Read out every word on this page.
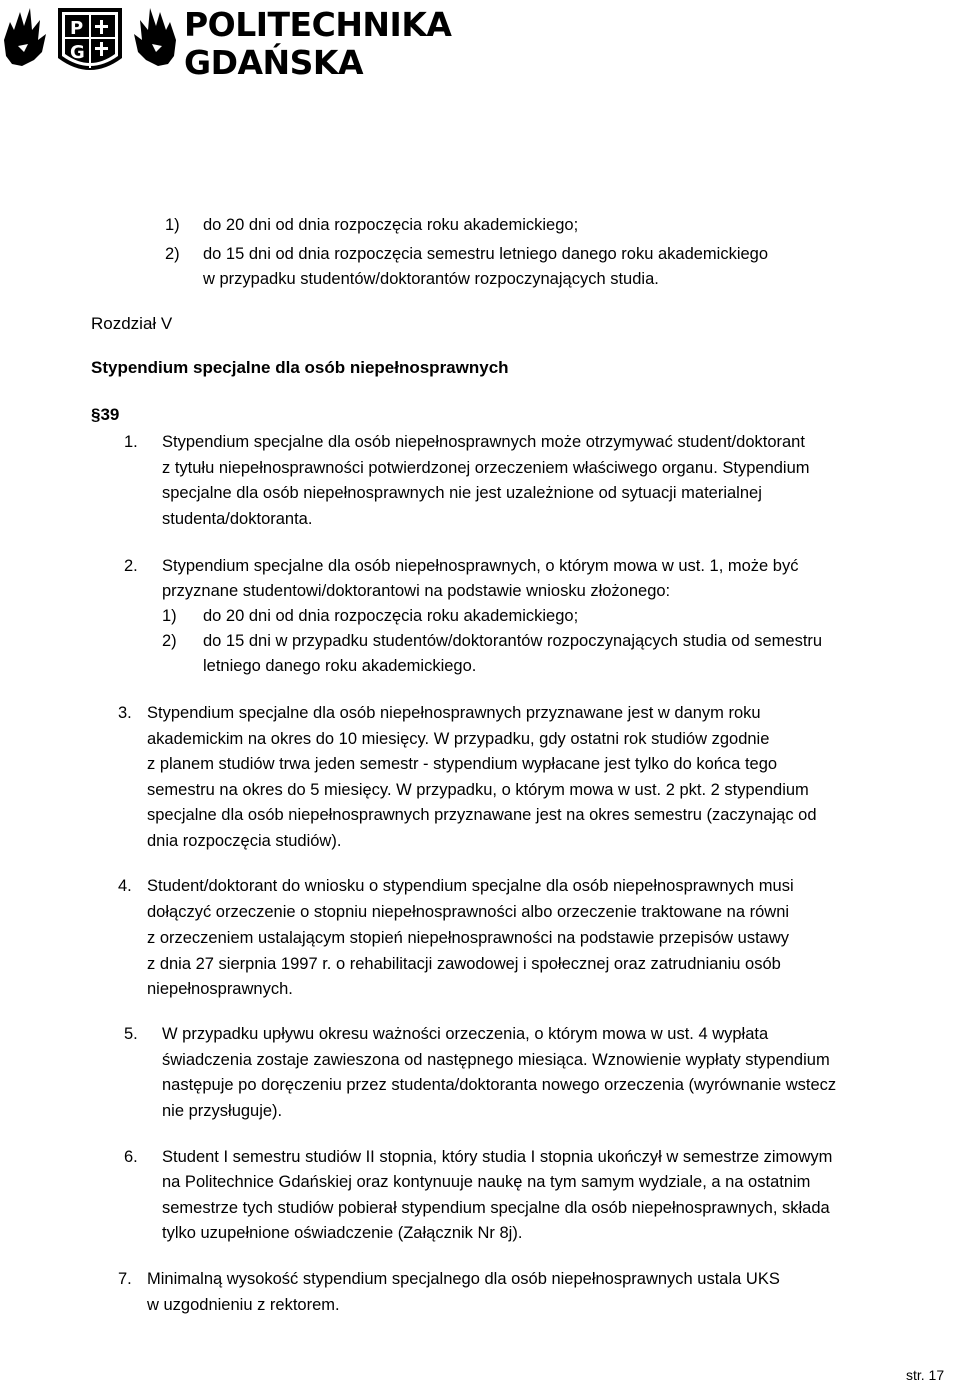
P
G
POLITECHNIKA
GDAŃSKA
1) do 20 dni od dnia rozpoczęcia roku akademickiego;
2) do 15 dni od dnia rozpoczęcia semestru letniego danego roku akademickiego
w przypadku studentów/doktorantów rozpoczynających studia.
Rozdział V
Stypendium specjalne dla osób niepełnosprawnych
§39
1. Stypendium specjalne dla osób niepełnosprawnych może otrzymywać student/doktorant
z tytułu niepełnosprawności potwierdzonej orzeczeniem właściwego organu. Stypendium
specjalne dla osób niepełnosprawnych nie jest uzależnione od sytuacji materialnej
studenta/doktoranta.
2. Stypendium specjalne dla osób niepełnosprawnych, o którym mowa w ust. 1, może być
przyznane studentowi/doktorantowi na podstawie wniosku złożonego:
1) do 20 dni od dnia rozpoczęcia roku akademickiego;
2) do 15 dni w przypadku studentów/doktorantów rozpoczynających studia od semestru
letniego danego roku akademickiego.
3. Stypendium specjalne dla osób niepełnosprawnych przyznawane jest w danym roku
akademickim na okres do 10 miesięcy. W przypadku, gdy ostatni rok studiów zgodnie
z planem studiów trwa jeden semestr - stypendium wypłacane jest tylko do końca tego
semestru na okres do 5 miesięcy. W przypadku, o którym mowa w ust. 2 pkt. 2 stypendium
specjalne dla osób niepełnosprawnych przyznawane jest na okres semestru (zaczynając od
dnia rozpoczęcia studiów).
4. Student/doktorant do wniosku o stypendium specjalne dla osób niepełnosprawnych musi
dołączyć orzeczenie o stopniu niepełnosprawności albo orzeczenie traktowane na równi
z orzeczeniem ustalającym stopień niepełnosprawności na podstawie przepisów ustawy
z dnia 27 sierpnia 1997 r. o rehabilitacji zawodowej i społecznej oraz zatrudnianiu osób
niepełnosprawnych.
5. W przypadku upływu okresu ważności orzeczenia, o którym mowa w ust. 4 wypłata
świadczenia zostaje zawieszona od następnego miesiąca. Wznowienie wypłaty stypendium
następuje po doręczeniu przez studenta/doktoranta nowego orzeczenia (wyrównanie wstecz
nie przysługuje).
6. Student I semestru studiów II stopnia, który studia I stopnia ukończył w semestrze zimowym
na Politechnice Gdańskiej oraz kontynuuje naukę na tym samym wydziale, a na ostatnim
semestrze tych studiów pobierał stypendium specjalne dla osób niepełnosprawnych, składa
tylko uzupełnione oświadczenie (Załącznik Nr 8j).
7. Minimalną wysokość stypendium specjalnego dla osób niepełnosprawnych ustala UKS
w uzgodnieniu z rektorem.
str. 17
